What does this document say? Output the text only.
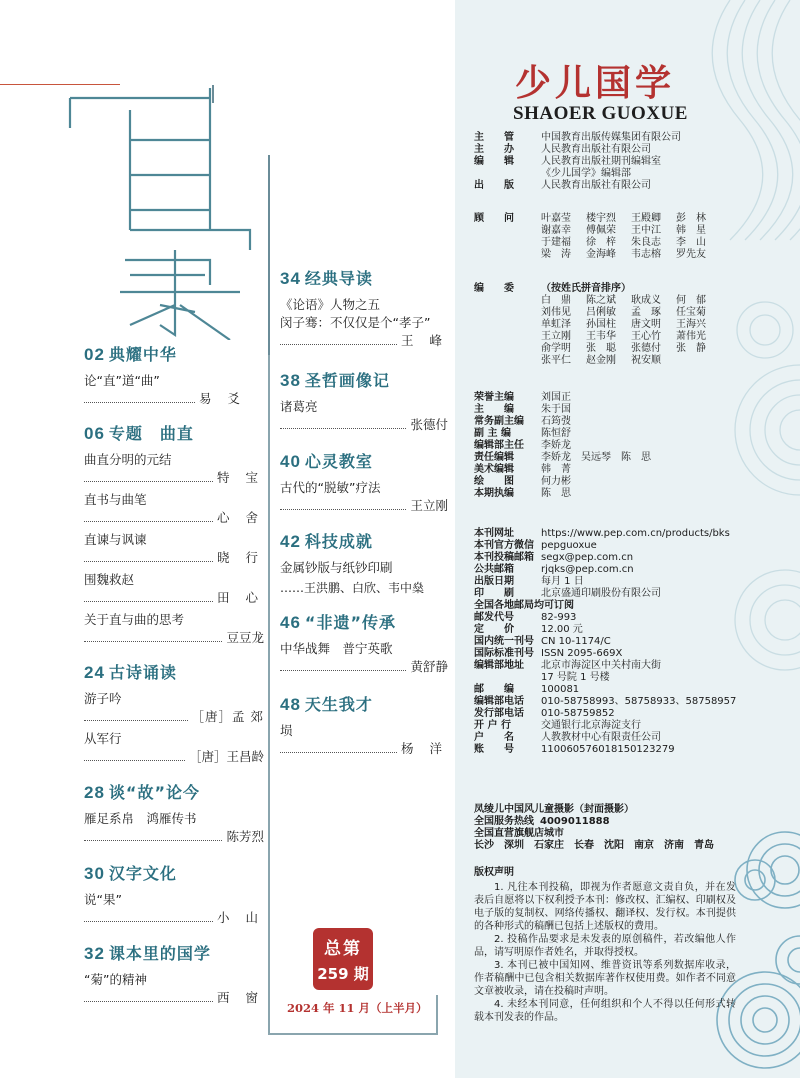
02 典耀中华
论“直”道“曲”
易 爻
06 专题　曲直
曲直分明的元结
特 宝
直书与曲笔
心 舍
直谏与讽谏
晓 行
围魏救赵
田 心
关于直与曲的思考
豆豆龙
24 古诗诵读
游子吟
［唐］孟 郊
从军行
［唐］王昌龄
28 谈“故”论今
雁足系帛　鸿雁传书
陈芳烈
30 汉字文化
说“果”
小 山
32 课本里的国学
“菊”的精神
西 窗
34 经典导读
《论语》人物之五
闵子骞：不仅仅是个“孝子”
王 峰
38 圣哲画像记
诸葛亮
张德付
40 心灵教室
古代的“脱敏”疗法
王立刚
42 科技成就
金属钞版与纸钞印刷
……王洪鹏、白欣、韦中燊
46 “非遗”传承
中华战舞　普宁英歌
黄舒静
48 天生我才
埙
杨 洋
总第
259 期
2024 年 11 月（上半月）
少儿国学
SHAOER GUOXUE
主　　管	中国教育出版传媒集团有限公司
主　　办	人民教育出版社有限公司
编　　辑	人民教育出版社期刊编辑室
《少儿国学》编辑部
出　　版	人民教育出版社有限公司
顾　　问	叶嘉莹	楼宇烈	王殿卿	彭　林
谢嘉幸	傅佩荣	王中江	韩　星
于建福	徐　梓	朱良志	李　山
梁　涛	金海峰	韦志榕	罗先友
编　　委	（按姓氏拼音排序）
白　鼎	陈之斌	耿成义	何　郁
刘伟见	吕俐敏	孟　琢	任宝菊
单虹泽	孙国柱	唐文明	王海兴
王立刚	王韦华	王心竹	萧伟光
俞学明	张　聪	张德付	张　静
张平仁	赵金刚	祝安顺
荣誉主编	刘国正
主　　编	朱于国
常务副主编	石筠弢
副 主 编	陈恒舒
编辑部主任	李娇龙
责任编辑	李娇龙　吴远琴　陈　思
美术编辑	韩　菁
绘　　图	何力彬
本期执编	陈　思
本刊网址	https://www.pep.com.cn/products/bks
本刊官方微信 pepguoxue
本刊投稿邮箱 segx@pep.com.cn
公共邮箱	rjqks@pep.com.cn
出版日期	每月 1 日
印　　刷	北京盛通印刷股份有限公司
全国各地邮局均可订阅
邮发代号	82-993
定　　价	12.00 元
国内统一刊号 CN 10-1174/C
国际标准刊号 ISSN 2095-669X
编辑部地址	北京市海淀区中关村南大街
17 号院 1 号楼
邮　　编	100081
编辑部电话	010-58758993、58758933、58758957
发行部电话	010-58759852
开 户 行	交通银行北京海淀支行
户　　名	人教教材中心有限责任公司
账　　号	110060576018150123279
凤绫儿中国风儿童摄影（封面摄影）
全国服务热线 4009011888
全国直营旗舰店城市
长沙　深圳　石家庄　长春　沈阳　南京　济南　青岛
版权声明

1. 凡往本刊投稿，即视为作者愿意文责自负，并在发表后自愿将以下权利授予本刊：修改权、汇编权、印刷权及电子版的复制权、网络传播权、翻译权、发行权。本刊提供的各种形式的稿酬已包括上述版权的费用。

2. 投稿作品要求是未发表的原创稿件，若改编他人作品，请写明原作者姓名，并取得授权。

3. 本刊已被中国知网、维普资讯等系列数据库收录，作者稿酬中已包含相关数据库著作权使用费。如作者不同意文章被收录，请在投稿时声明。

4. 未经本刊同意，任何组织和个人不得以任何形式转载本刊发表的作品。
